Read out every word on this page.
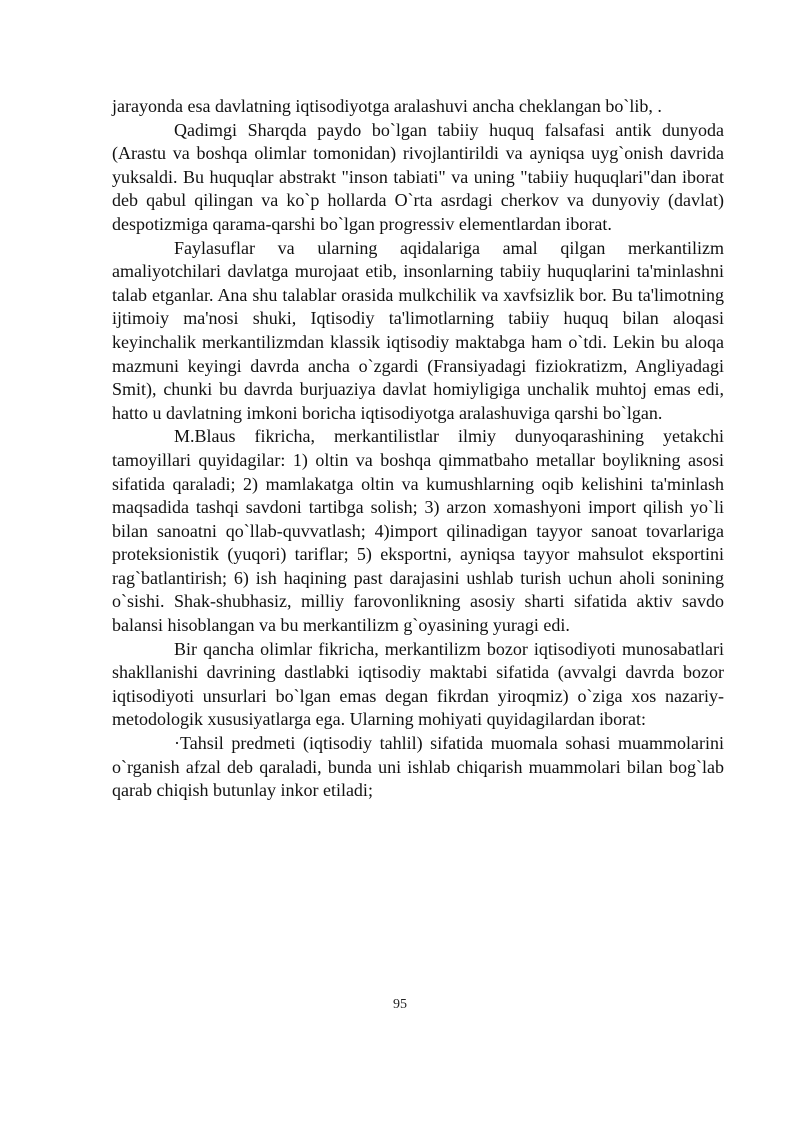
jarayonda esa davlatning iqtisodiyotga aralashuvi ancha cheklangan bo`lib, .

Qadimgi Sharqda paydo bo`lgan tabiiy huquq falsafasi antik dunyoda (Arastu va boshqa olimlar tomonidan) rivojlantirildi va ayniqsa uyg`onish davrida yuksaldi. Bu huquqlar abstrakt "inson tabiati" va uning "tabiiy huquqlari"dan iborat deb qabul qilingan va ko`p hollarda O`rta asrdagi cherkov va dunyoviy (davlat) despotizmiga qarama-qarshi bo`lgan progressiv elementlardan iborat.

Faylasuflar va ularning aqidalariga amal qilgan merkantilizm amaliyotchilari davlatga murojaat etib, insonlarning tabiiy huquqlarini ta'minlashni talab etganlar. Ana shu talablar orasida mulkchilik va xavfsizlik bor. Bu ta'limotning ijtimoiy ma'nosi shuki, Iqtisodiy ta'limotlarning tabiiy huquq bilan aloqasi keyinchalik merkantilizmdan klassik iqtisodiy maktabga ham o`tdi. Lekin bu aloqa mazmuni keyingi davrda ancha o`zgardi (Fransiyadagi fiziokratizm, Angliyadagi Smit), chunki bu davrda burjuaziya davlat homiyligiga unchalik muhtoj emas edi, hatto u davlatning imkoni boricha iqtisodiyotga aralashuviga qarshi bo`lgan.

M.Blaus fikricha, merkantilistlar ilmiy dunyoqarashining yetakchi tamoyillari quyidagilar: 1) oltin va boshqa qimmatbaho metallar boylikning asosi sifatida qaraladi; 2) mamlakatga oltin va kumushlarning oqib kelishini ta'minlash maqsadida tashqi savdoni tartibga solish; 3) arzon xomashyoni import qilish yo`li bilan sanoatni qo`llab-quvvatlash; 4)import qilinadigan tayyor sanoat tovarlariga proteksionistik (yuqori) tariflar; 5) eksportni, ayniqsa tayyor mahsulot eksportini rag`batlantirish; 6) ish haqining past darajasini ushlab turish uchun aholi sonining o`sishi. Shak-shubhasiz, milliy farovonlikning asosiy sharti sifatida aktiv savdo balansi hisoblangan va bu merkantilizm g`oyasining yuragi edi.

Bir qancha olimlar fikricha, merkantilizm bozor iqtisodiyoti munosabatlari shakllanishi davrining dastlabki iqtisodiy maktabi sifatida (avvalgi davrda bozor iqtisodiyoti unsurlari bo`lgan emas degan fikrdan yiroqmiz) o`ziga xos nazariy-metodologik xususiyatlarga ega. Ularning mohiyati quyidagilardan iborat:

·Tahsil predmeti (iqtisodiy tahlil) sifatida muomala sohasi muammolarini o`rganish afzal deb qaraladi, bunda uni ishlab chiqarish muammolari bilan bog`lab qarab chiqish butunlay inkor etiladi;

95
